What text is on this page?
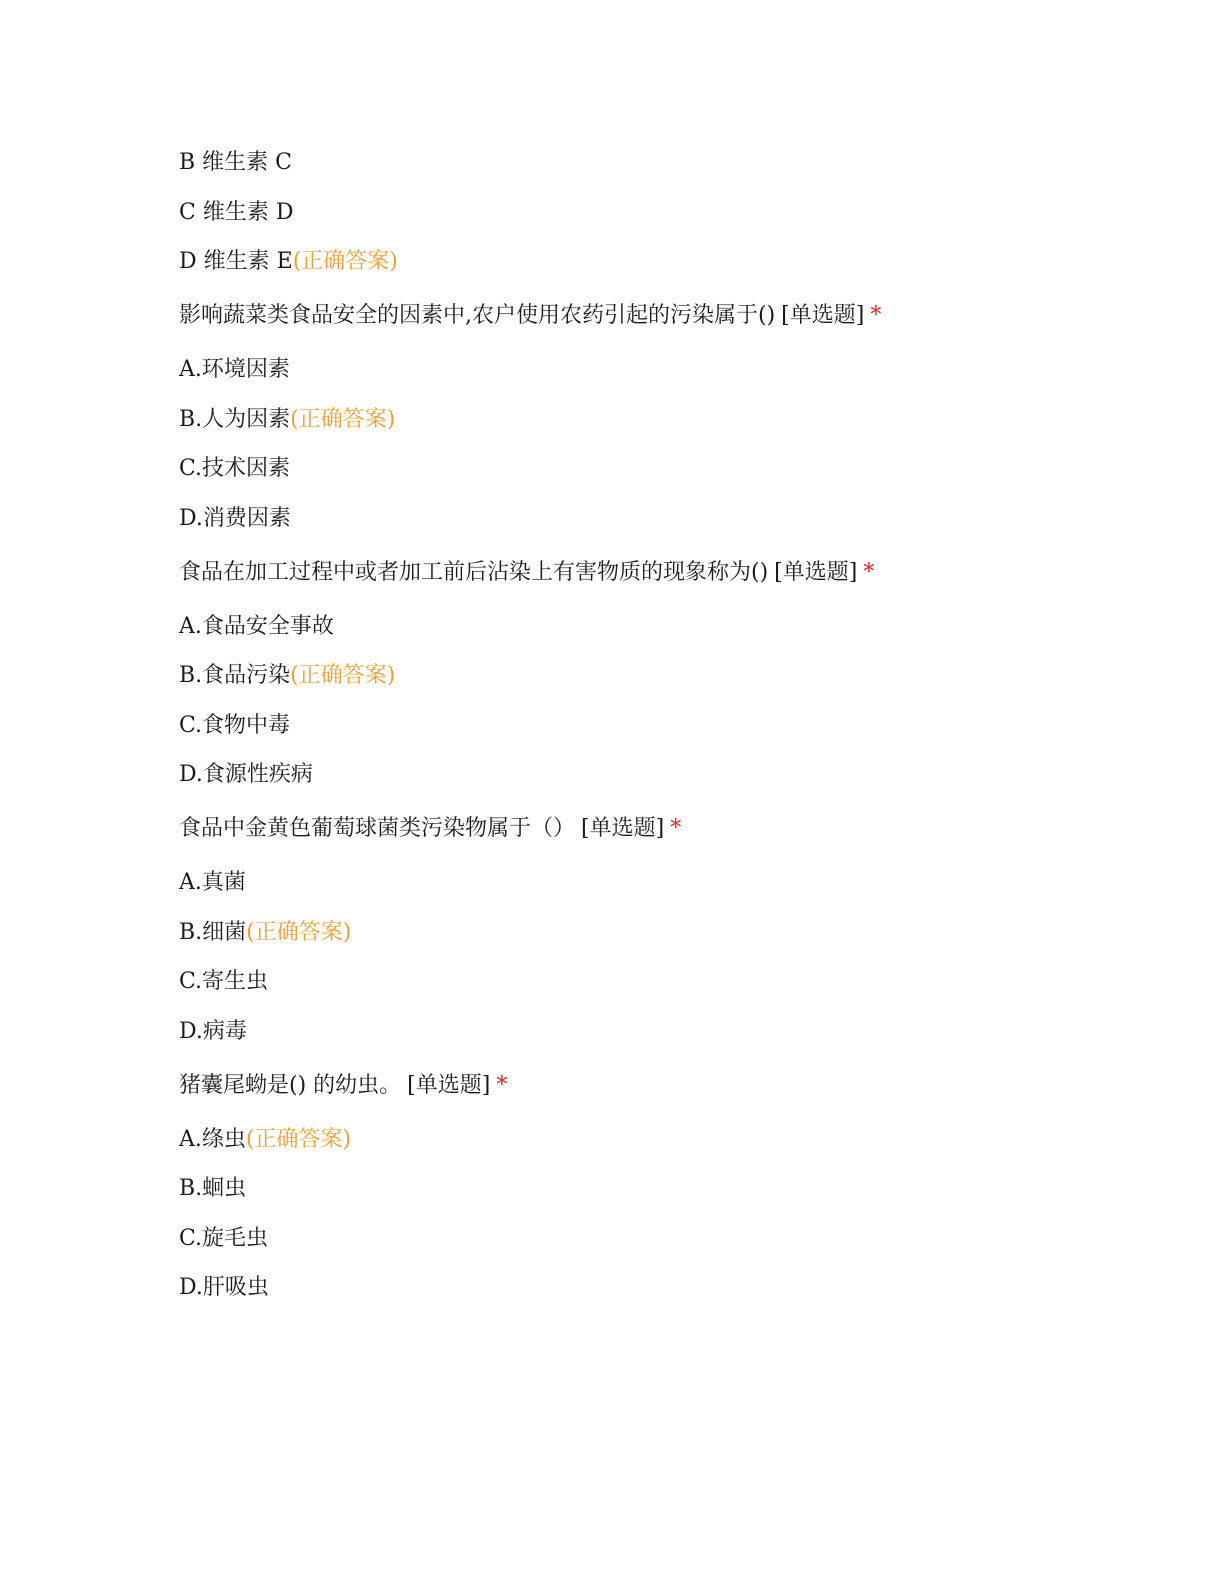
B 维生素 C
C 维生素 D
D 维生素 E(正确答案)
影响蔬菜类食品安全的因素中,农户使用农药引起的污染属于() [单选题] *
A.环境因素
B.人为因素(正确答案)
C.技术因素
D.消费因素
食品在加工过程中或者加工前后沾染上有害物质的现象称为() [单选题] *
A.食品安全事故
B.食品污染(正确答案)
C.食物中毒
D.食源性疾病
食品中金黄色葡萄球菌类污染物属于（） [单选题] *
A.真菌
B.细菌(正确答案)
C.寄生虫
D.病毒
猪囊尾蚴是() 的幼虫。 [单选题] *
A.绦虫(正确答案)
B.蛔虫
C.旋毛虫
D.肝吸虫
